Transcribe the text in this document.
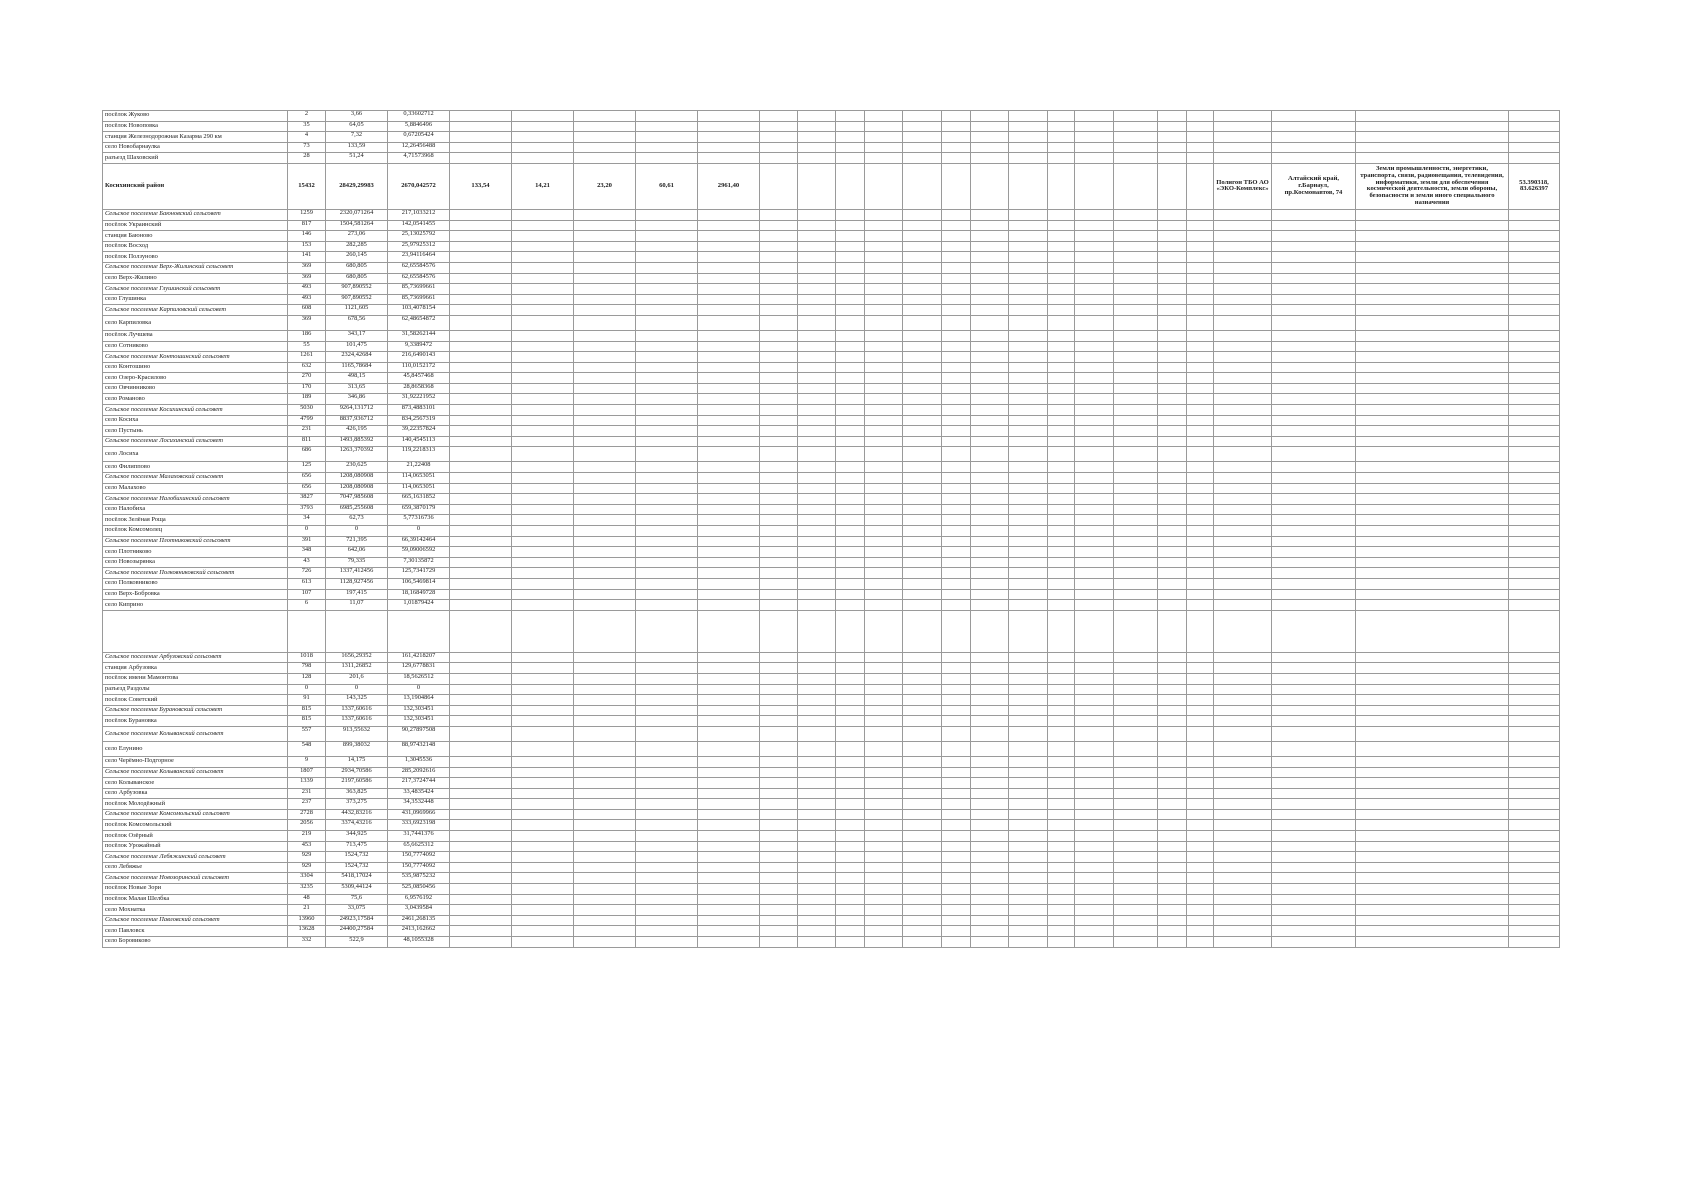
посёлок Жуково	2	3,66	0,33602712																						
посёлок Новоповка	35	64,05	5,8846496																						
станция Железнодорожная Казарма 290 км	4	7,32	0,67205424																						
село Новобарнаулка	73	133,59	12,26456488																						
разъезд Шаховский	28	51,24	4,71573968																						
Косихинский район	15432	28429,29983	2670,042572	133,54	14,21	23,20	60,61	2961,40														Полигон ТБО АО «ЭКО-Комплекс»	Алтайский край, г.Барнаул, пр.Космонавтов, 74	Земли промышленности, энергетики, транспорта, связи, радиовещания, телевидения, информатики, земли для обеспечения космической деятельности, земли обороны, безопасности и земли иного специального назначения	53.390318, 83.626397
Сельское поселение Баюновский сельсовет	1259	2320,071264	217,1033212																						
посёлок Украинский	817	1504,581264	142,0541455																						
станция Баюново	146	273,06	25,13025792																						
посёлок Восход	153	282,285	25,97925312																						
посёлок Ползуново	141	260,145	23,94116464																						
Сельское поселение Верх-Жилинский сельсовет	369	680,805	62,65584576																						
село Верх-Жилино	369	680,805	62,65584576																						
Сельское поселение Глушинский сельсовет	493	907,890552	85,73699661																						
село Глушинка	493	907,890552	85,73699661																						
Сельское поселение Карпиловский сельсовет	608	1121,605	103,4078154																						
село Карпиловка	369	678,56	62,48654872																						
посёлок Лучшева	186	343,17	31,58262144																						
село Сотниково	55	101,475	9,3389472																						
Сельское поселение Контошинский сельсовет	1261	2324,42684	216,6490143																						
село Контошино	632	1165,78684	110,0152172																						
село Озеро-Красилово	270	498,15	45,8457468																						
село Овчинниково	170	313,65	28,8658368																						
село Романово	189	346,86	31,92221952																						
Сельское поселение Косихинский сельсовет	5030	9264,131712	873,4883101																						
село Косиха	4799	8837,936712	834,2567319																						
село Пустынь	231	426,195	39,22357824																						
Сельское поселение Лосихинский сельсовет	811	1493,885392	140,4545113																						
село Лосиха	686	1263,370392	119,2218313																						
село Филиппово	125	230,625	21,22408																						
Сельское поселение Малаховский сельсовет	656	1208,080908	114,0653051																						
село Малахово	656	1208,080908	114,0653051																						
Сельское поселение Налобихинский сельсовет	3827	7047,985608	665,1631852																						
село Налобиха	3793	6985,255608	659,3870179																						
посёлок Зелёная Роща	34	62,73	5,77316736																						
посёлок Комсомолец	0	0	0																						
Сельское поселение Плотниковский сельсовет	391	721,395	66,39142464																						
село Плотниково	348	642,06	59,09006592																						
село Новозырянка	43	79,335	7,30135872																						
Сельское поселение Полковниковский сельсовет	726	1337,412456	125,7341729																						
село Полковниково	613	1128,927456	106,5469814																						
село Верх-Бобровка	107	197,415	18,16849728																						
село Киприно	6	11,07	1,01879424																						

Сельское поселение Арбузовский сельсовет	1018	1656,29352	161,4218207																						
станция Арбузовка	798	1311,26852	129,6778831																						
посёлок имени Мамонтова	128	201,6	18,5626512																						
разъезд Раздолы	0	0	0																						
посёлок Советский	91	143,325	13,1904864																						
Сельское поселение Бурановский сельсовет	815	1337,60616	132,303451																						
посёлок Бурановка	815	1337,60616	132,303451																						
Сельское поселение Колыванский сельсовет	557	913,55632	90,27897508																						
село Елунино	548	899,38032	88,97432148																						
село Черёмно-Подгорное	9	14,175	1,3045536																						
Сельское поселение Колыванский сельсовет	1807	2934,70586	285,2092616																						
село Колыванское	1339	2197,60586	217,3724744																						
село Арбузовка	231	363,825	33,4835424																						
посёлок Молодёжный	237	373,275	34,3532448																						
Сельское поселение Комсомольский сельсовет	2728	4432,83216	431,0969966																						
посёлок Комсомольский	2056	3374,43216	333,6923198																						
посёлок Озёрный	219	344,925	31,7441376																						
посёлок Урожайный	453	713,475	65,6625312																						
Сельское поселение Лебяжинский сельсовет	929	1524,732	150,7774092																						
село Лебяжье	929	1524,732	150,7774092																						
Сельское поселение Новозоринский сельсовет	3304	5418,17024	535,9875232																						
посёлок Новые Зори	3235	5309,44124	525,0850456																						
посёлок Малая Шелбка	48	75,6	6,9576192																						
село Мохнатка	21	33,075	3,0439584																						
Сельское поселение Павловский сельсовет	13960	24923,17584	2461,268135																						
село Павловск	13628	24400,27584	2413,162662																						
село Боровиково	332	522,9	48,1055328																						
